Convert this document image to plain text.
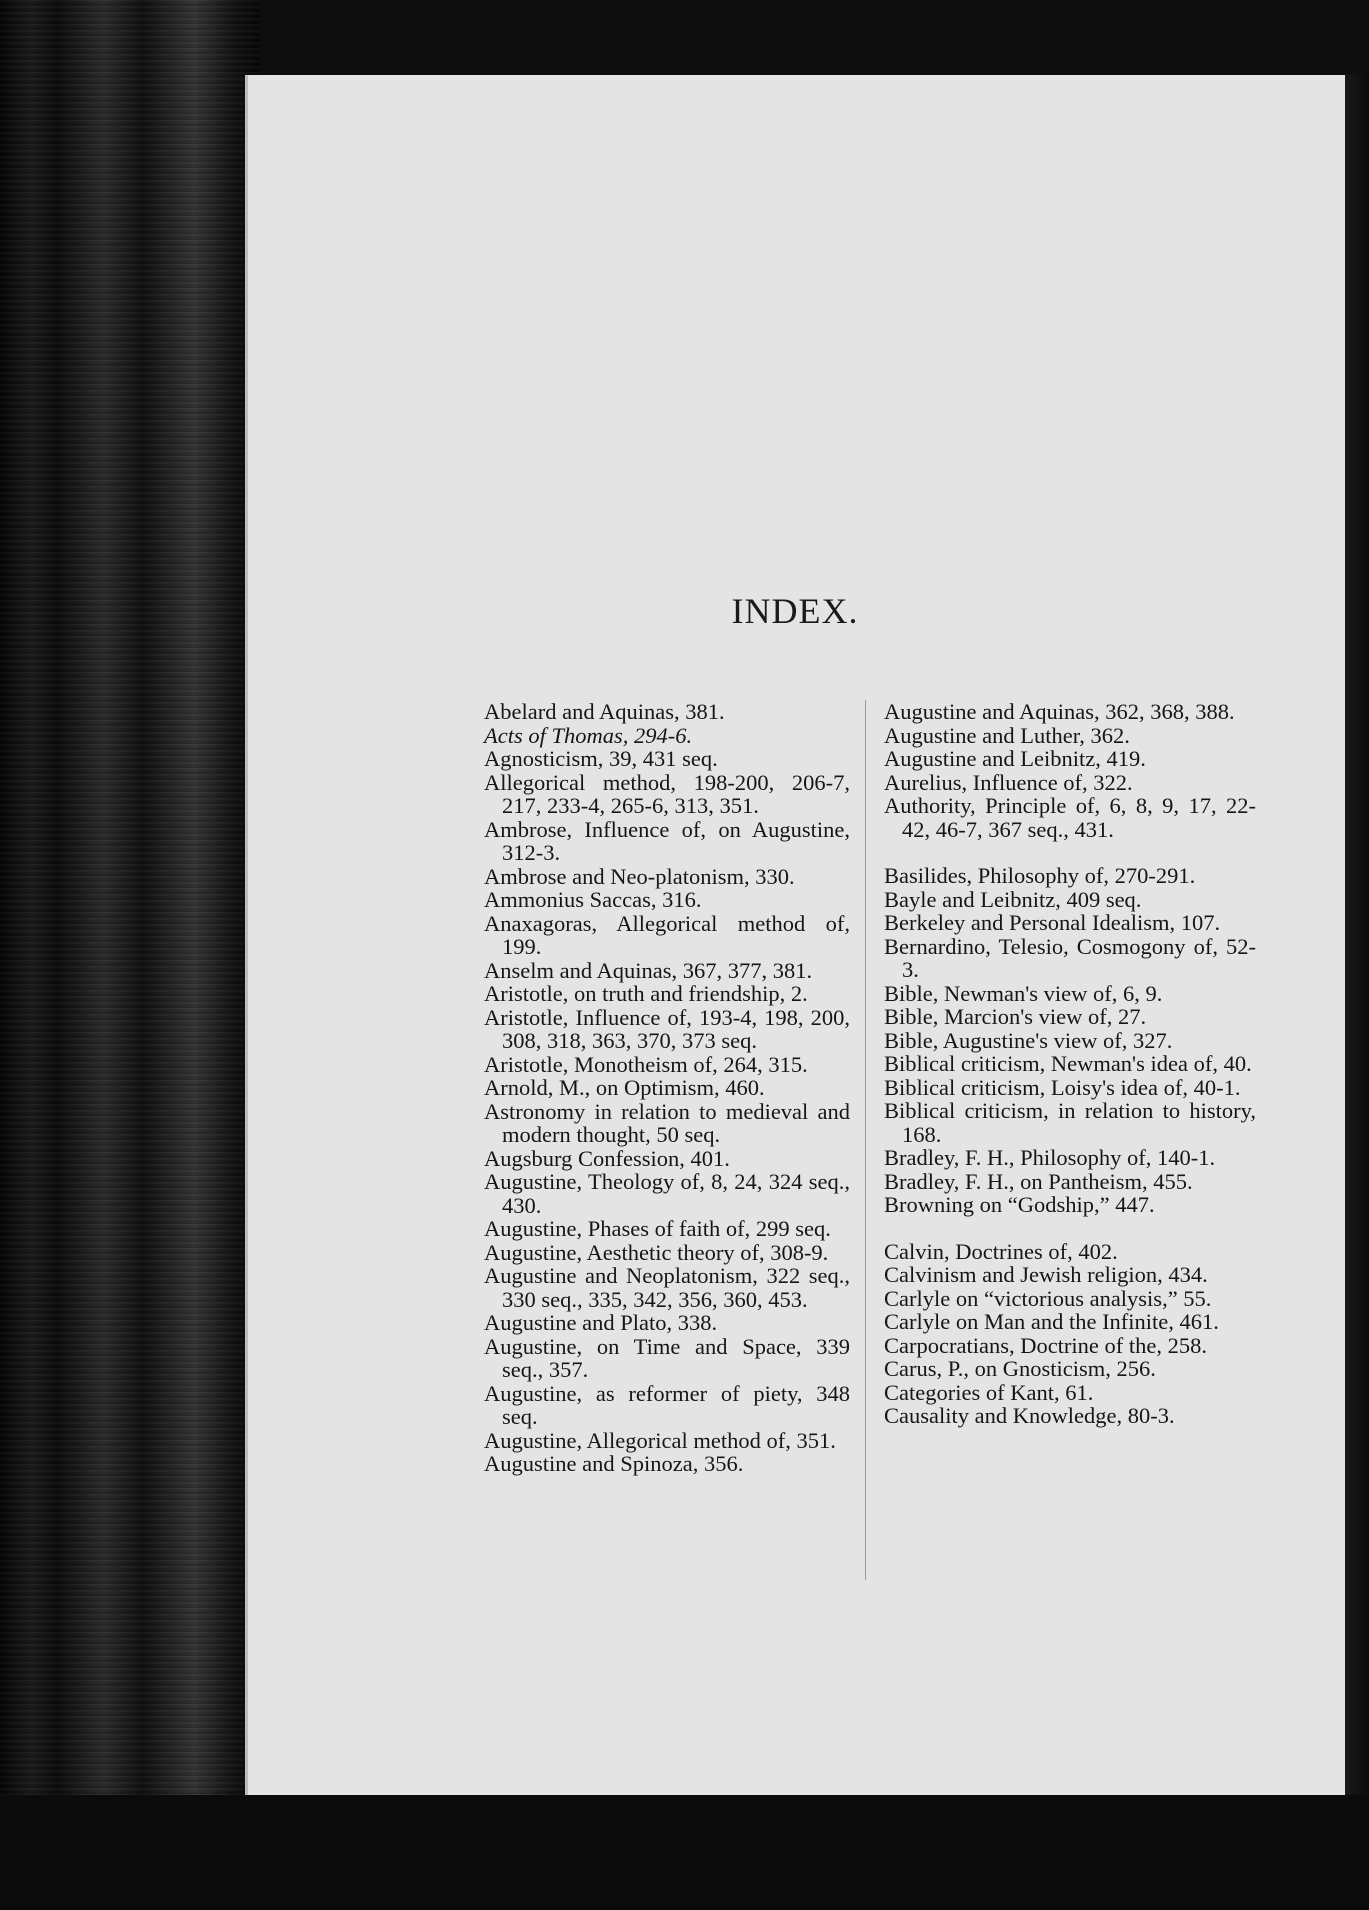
INDEX.

Abelard and Aquinas, 381.

Acts of Thomas, 294-6.

Agnosticism, 39, 431 seq.

Allegorical method, 198-200, 206-7, 217, 233-4, 265-6, 313, 351.

Ambrose, Influence of, on Augustine, 312-3.

Ambrose and Neo-platonism, 330.

Ammonius Saccas, 316.

Anaxagoras, Allegorical method of, 199.

Anselm and Aquinas, 367, 377, 381.

Aristotle, on truth and friendship, 2.

Aristotle, Influence of, 193-4, 198, 200, 308, 318, 363, 370, 373 seq.

Aristotle, Monotheism of, 264, 315.

Arnold, M., on Optimism, 460.

Astronomy in relation to medieval and modern thought, 50 seq.

Augsburg Confession, 401.

Augustine, Theology of, 8, 24, 324 seq., 430.

Augustine, Phases of faith of, 299 seq.

Augustine, Aesthetic theory of, 308-9.

Augustine and Neoplatonism, 322 seq., 330 seq., 335, 342, 356, 360, 453.

Augustine and Plato, 338.

Augustine, on Time and Space, 339 seq., 357.

Augustine, as reformer of piety, 348 seq.

Augustine, Allegorical method of, 351.

Augustine and Spinoza, 356.

Augustine and Aquinas, 362, 368, 388.

Augustine and Luther, 362.

Augustine and Leibnitz, 419.

Aurelius, Influence of, 322.

Authority, Principle of, 6, 8, 9, 17, 22-42, 46-7, 367 seq., 431.

Basilides, Philosophy of, 270-291.

Bayle and Leibnitz, 409 seq.

Berkeley and Personal Idealism, 107.

Bernardino, Telesio, Cosmogony of, 52-3.

Bible, Newman's view of, 6, 9.

Bible, Marcion's view of, 27.

Bible, Augustine's view of, 327.

Biblical criticism, Newman's idea of, 40.

Biblical criticism, Loisy's idea of, 40-1.

Biblical criticism, in relation to history, 168.

Bradley, F. H., Philosophy of, 140-1.

Bradley, F. H., on Pantheism, 455.

Browning on “Godship,” 447.

Calvin, Doctrines of, 402.

Calvinism and Jewish religion, 434.

Carlyle on “victorious analysis,” 55.

Carlyle on Man and the Infinite, 461.

Carpocratians, Doctrine of the, 258.

Carus, P., on Gnosticism, 256.

Categories of Kant, 61.

Causality and Knowledge, 80-3.
